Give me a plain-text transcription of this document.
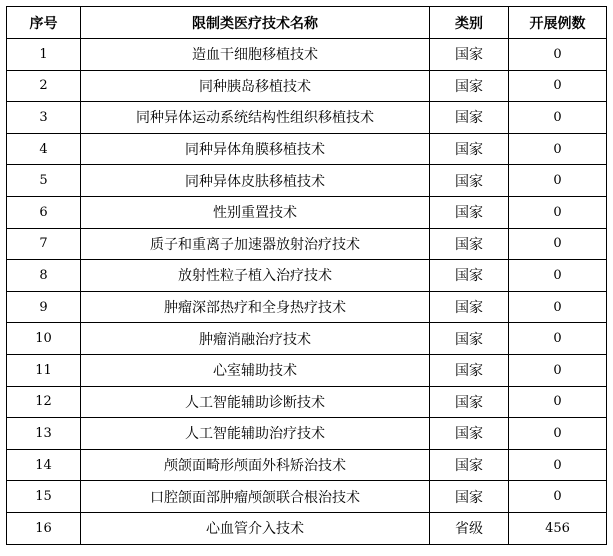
序号	限制类医疗技术名称	类别	开展例数
1	造血干细胞移植技术	国家	0
2	同种胰岛移植技术	国家	0
3	同种异体运动系统结构性组织移植技术	国家	0
4	同种异体角膜移植技术	国家	0
5	同种异体皮肤移植技术	国家	0
6	性别重置技术	国家	0
7	质子和重离子加速器放射治疗技术	国家	0
8	放射性粒子植入治疗技术	国家	0
9	肿瘤深部热疗和全身热疗技术	国家	0
10	肿瘤消融治疗技术	国家	0
11	心室辅助技术	国家	0
12	人工智能辅助诊断技术	国家	0
13	人工智能辅助治疗技术	国家	0
14	颅颌面畸形颅面外科矫治技术	国家	0
15	口腔颌面部肿瘤颅颌联合根治技术	国家	0
16	心血管介入技术	省级	456
